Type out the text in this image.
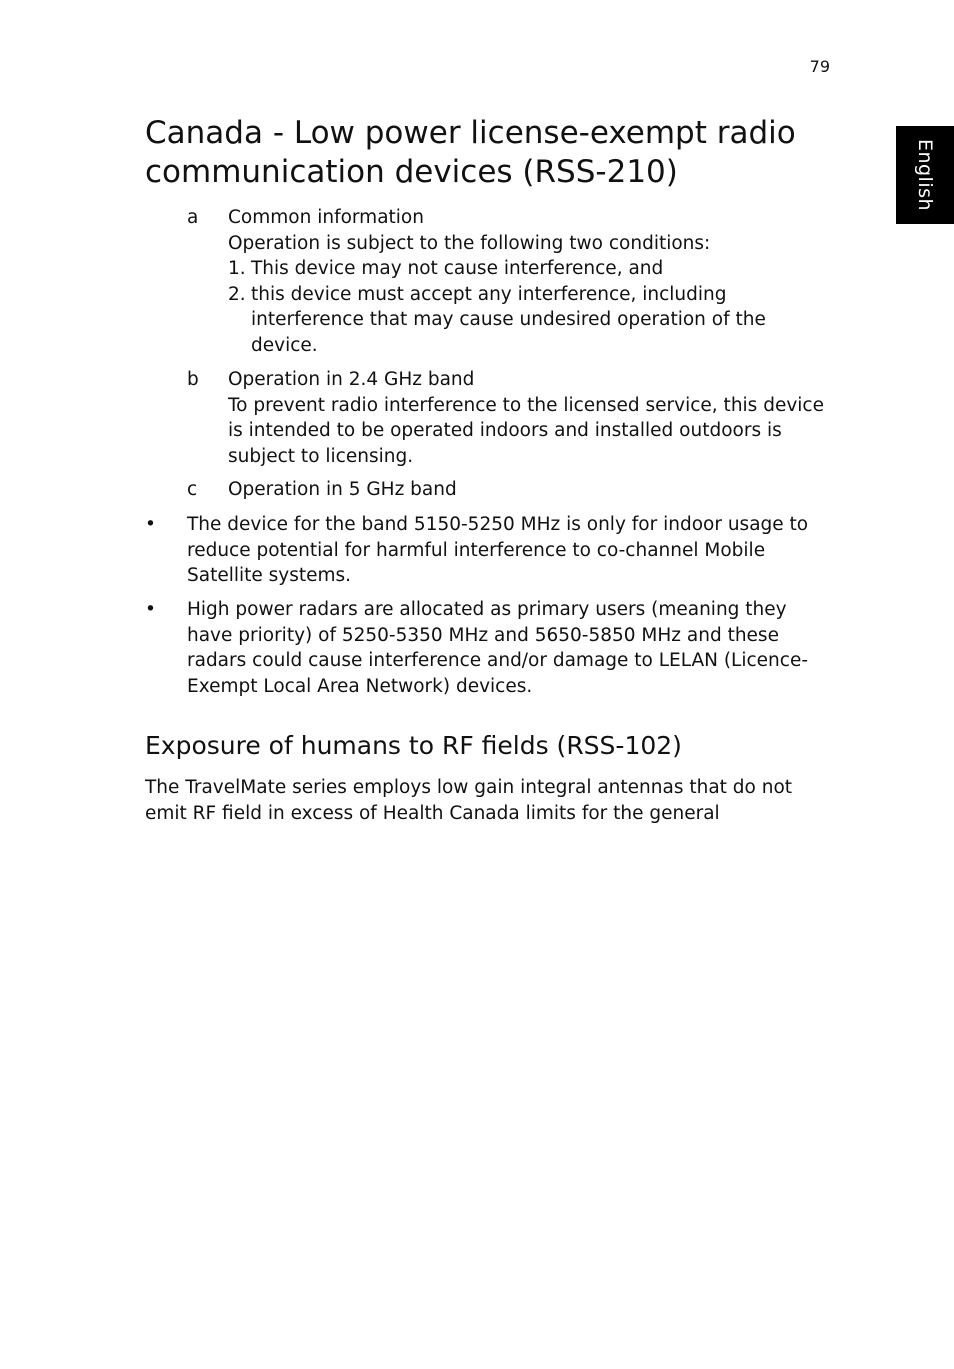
79
English
Canada - Low power license-exempt radio communication devices (RSS-210)
a Common information
Operation is subject to the following two conditions:
1. This device may not cause interference, and
2. this device must accept any interference, including interference that may cause undesired operation of the device.
b Operation in 2.4 GHz band
To prevent radio interference to the licensed service, this device is intended to be operated indoors and installed outdoors is subject to licensing.
c Operation in 5 GHz band
• The device for the band 5150-5250 MHz is only for indoor usage to reduce potential for harmful interference to co-channel Mobile Satellite systems.
• High power radars are allocated as primary users (meaning they have priority) of 5250-5350 MHz and 5650-5850 MHz and these radars could cause interference and/or damage to LELAN (Licence-Exempt Local Area Network) devices.
Exposure of humans to RF fields (RSS-102)

The TravelMate series employs low gain integral antennas that do not emit RF field in excess of Health Canada limits for the general
